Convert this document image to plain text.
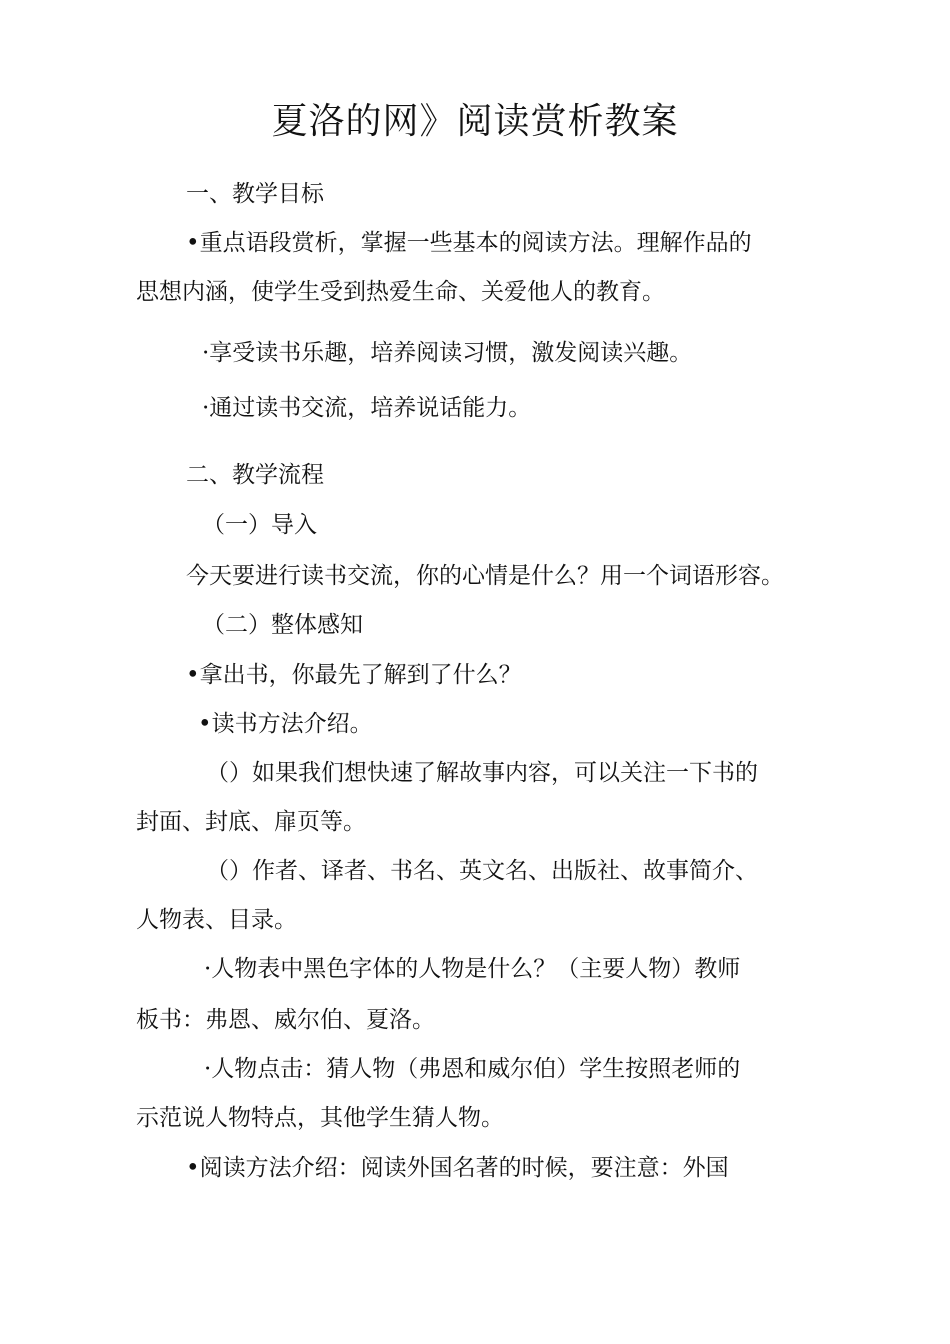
夏洛的网》阅读赏析教案

一、教学目标

•重点语段赏析，掌握一些基本的阅读方法。理解作品的

思想内涵，使学生受到热爱生命、关爱他人的教育。

·享受读书乐趣，培养阅读习惯，激发阅读兴趣。

·通过读书交流，培养说话能力。

二、教学流程

（一）导入

今天要进行读书交流，你的心情是什么？用一个词语形容。

（二）整体感知

•拿出书，你最先了解到了什么？

•读书方法介绍。

（）如果我们想快速了解故事内容，可以关注一下书的

封面、封底、扉页等。

（）作者、译者、书名、英文名、出版社、故事简介、

人物表、目录。

·人物表中黑色字体的人物是什么？（主要人物）教师

板书：弗恩、威尔伯、夏洛。

·人物点击：猜人物（弗恩和威尔伯）学生按照老师的

示范说人物特点，其他学生猜人物。

•阅读方法介绍：阅读外国名著的时候，要注意：外国
